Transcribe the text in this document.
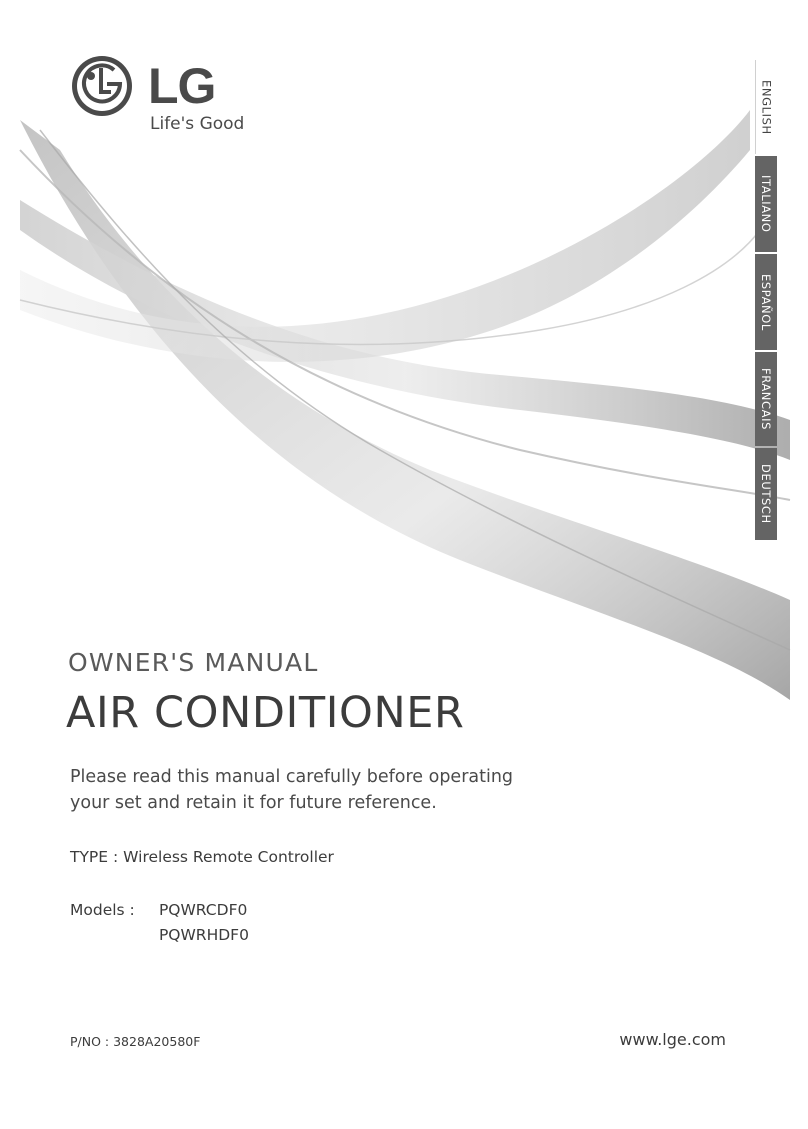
LG
Life's Good	ENGLISH
ITALIANO
ESPAÑOL
FRANCAIS
DEUTSCH
OWNER'S MANUAL
AIR CONDITIONER
Please read this manual carefully before operating
your set and retain it for future reference.
TYPE : Wireless Remote Controller
Models : PQWRCDF0
PQWRHDF0
P/NO : 3828A20580F	www.lge.com
